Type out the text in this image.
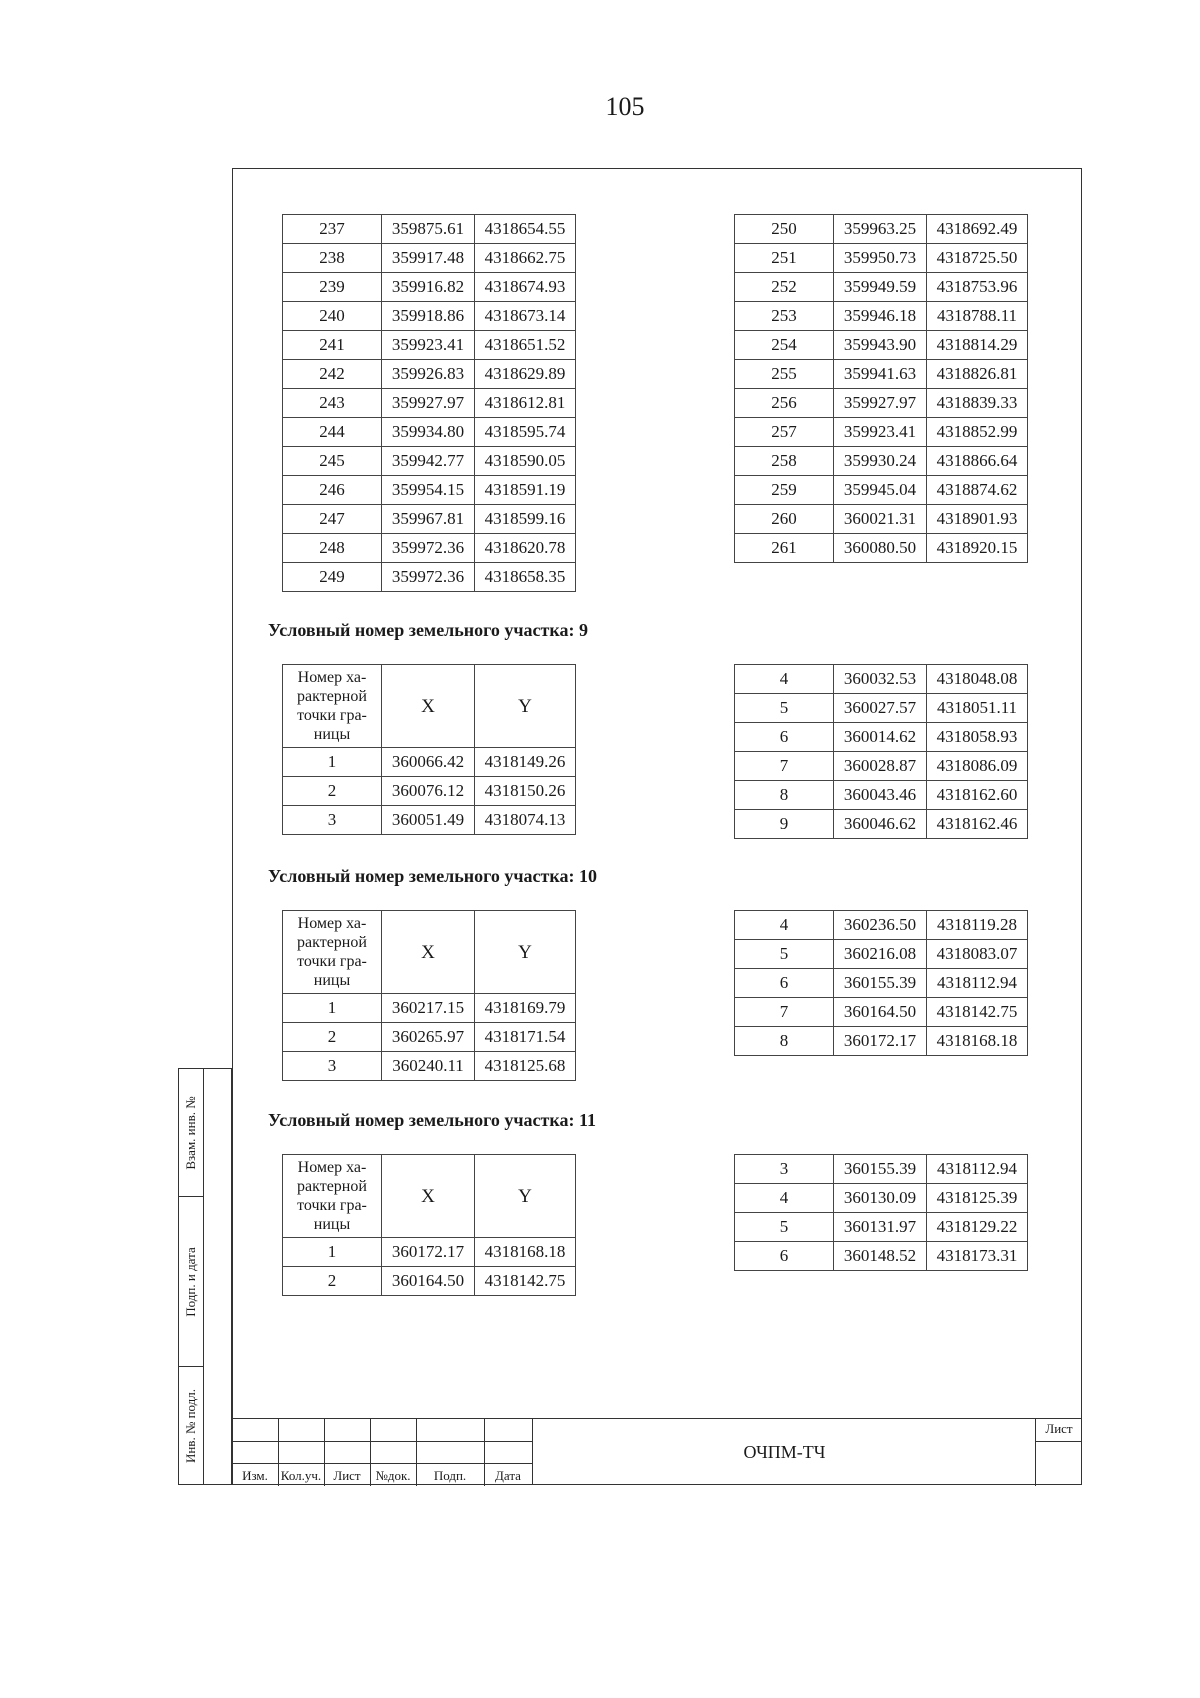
105
237	359875.61	4318654.55
238	359917.48	4318662.75
239	359916.82	4318674.93
240	359918.86	4318673.14
241	359923.41	4318651.52
242	359926.83	4318629.89
243	359927.97	4318612.81
244	359934.80	4318595.74
245	359942.77	4318590.05
246	359954.15	4318591.19
247	359967.81	4318599.16
248	359972.36	4318620.78
249	359972.36	4318658.35
250	359963.25	4318692.49
251	359950.73	4318725.50
252	359949.59	4318753.96
253	359946.18	4318788.11
254	359943.90	4318814.29
255	359941.63	4318826.81
256	359927.97	4318839.33
257	359923.41	4318852.99
258	359930.24	4318866.64
259	359945.04	4318874.62
260	360021.31	4318901.93
261	360080.50	4318920.15
Условный номер земельного участка: 9
Номер ха-рактерной точки гра-ницы	X	Y
1	360066.42	4318149.26
2	360076.12	4318150.26
3	360051.49	4318074.13
4	360032.53	4318048.08
5	360027.57	4318051.11
6	360014.62	4318058.93
7	360028.87	4318086.09
8	360043.46	4318162.60
9	360046.62	4318162.46
Условный номер земельного участка: 10
Номер ха-рактерной точки гра-ницы	X	Y
1	360217.15	4318169.79
2	360265.97	4318171.54
3	360240.11	4318125.68
4	360236.50	4318119.28
5	360216.08	4318083.07
6	360155.39	4318112.94
7	360164.50	4318142.75
8	360172.17	4318168.18
Условный номер земельного участка: 11
Номер ха-рактерной точки гра-ницы	X	Y
1	360172.17	4318168.18
2	360164.50	4318142.75
3	360155.39	4318112.94
4	360130.09	4318125.39
5	360131.97	4318129.22
6	360148.52	4318173.31
Взам. инв. №
Подп. и дата
Инв. № подл.
Изм. Кол.уч. Лист	№док.	Подп.	Дата
ОЧПМ-ТЧ
Лист
